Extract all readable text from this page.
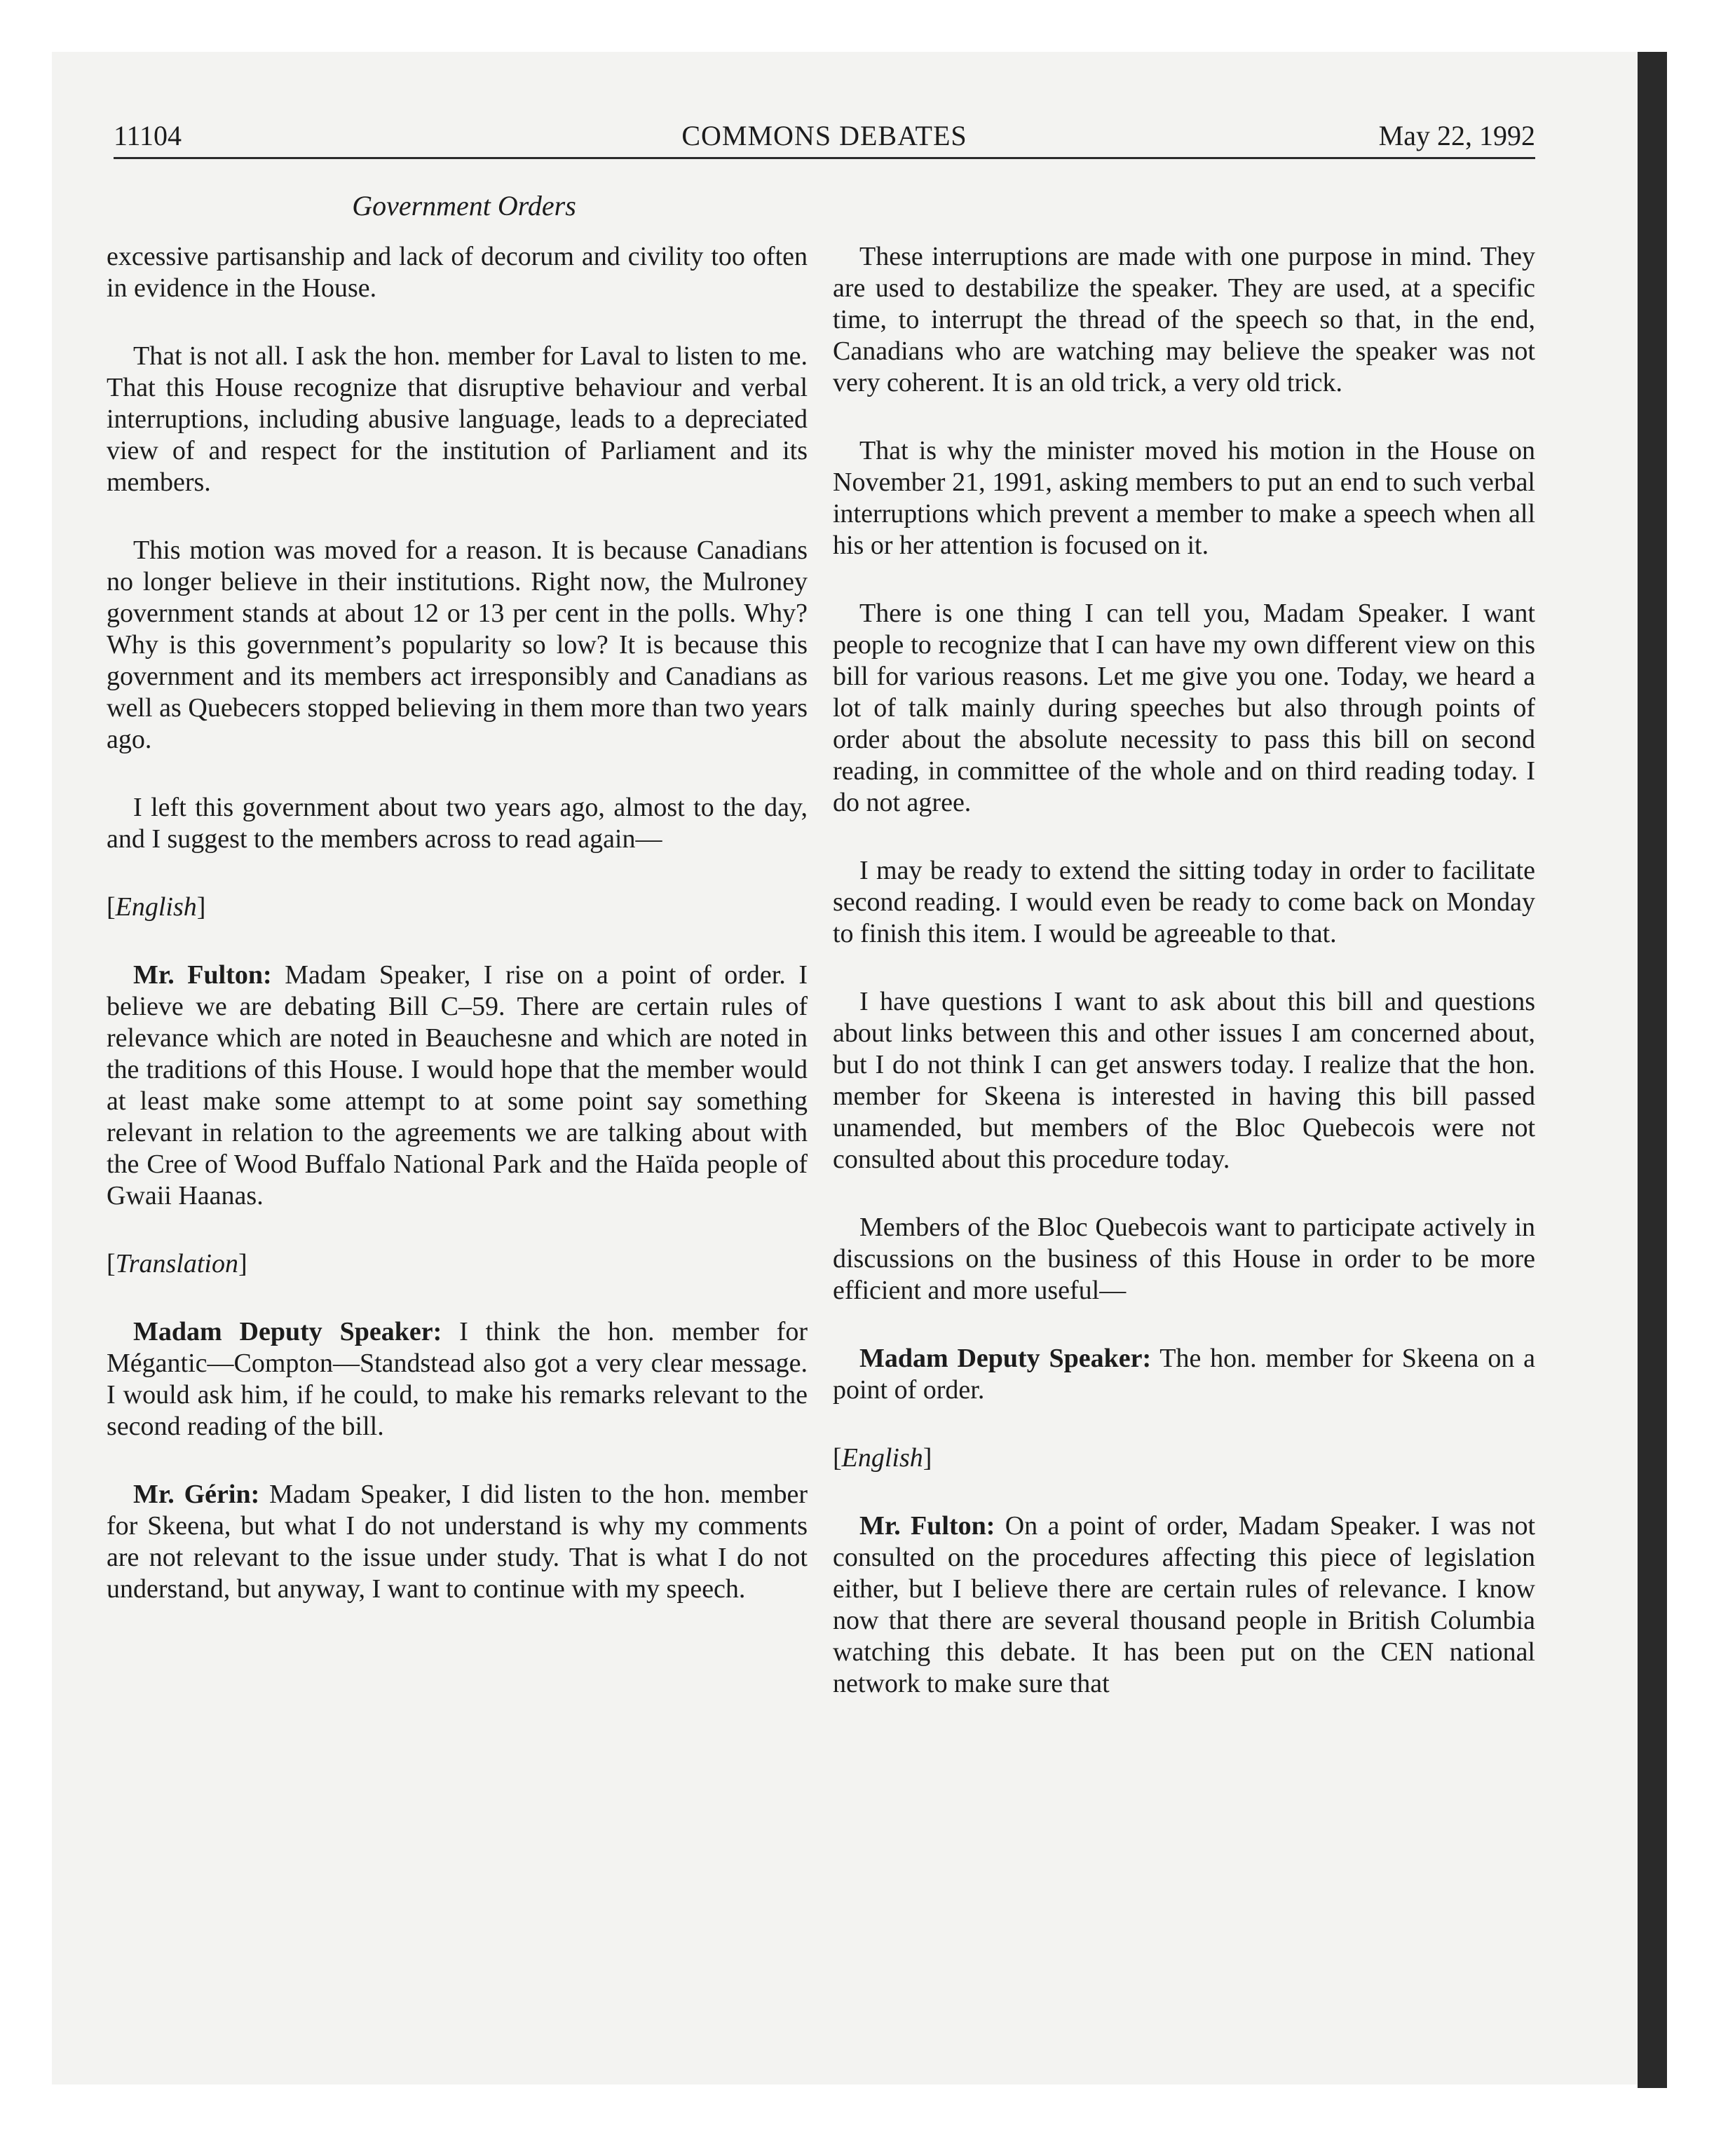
11104	COMMONS DEBATES	May 22, 1992
Government Orders

excessive partisanship and lack of decorum and civility too often in evidence in the House.

That is not all. I ask the hon. member for Laval to listen to me. That this House recognize that disruptive behaviour and verbal interruptions, including abusive language, leads to a depreciated view of and respect for the institution of Parliament and its members.

This motion was moved for a reason. It is because Canadians no longer believe in their institutions. Right now, the Mulroney government stands at about 12 or 13 per cent in the polls. Why? Why is this government’s popularity so low? It is because this government and its members act irresponsibly and Canadians as well as Quebecers stopped believing in them more than two years ago.

I left this government about two years ago, almost to the day, and I suggest to the members across to read again—

[English]

Mr. Fulton: Madam Speaker, I rise on a point of order. I believe we are debating Bill C–59. There are certain rules of relevance which are noted in Beauchesne and which are noted in the traditions of this House. I would hope that the member would at least make some attempt to at some point say something relevant in relation to the agreements we are talking about with the Cree of Wood Buffalo National Park and the Haïda people of Gwaii Haanas.

[Translation]

Madam Deputy Speaker: I think the hon. member for Mégantic—Compton—Standstead also got a very clear message. I would ask him, if he could, to make his remarks relevant to the second reading of the bill.

Mr. Gérin: Madam Speaker, I did listen to the hon. member for Skeena, but what I do not understand is why my comments are not relevant to the issue under study. That is what I do not understand, but anyway, I want to continue with my speech.

These interruptions are made with one purpose in mind. They are used to destabilize the speaker. They are used, at a specific time, to interrupt the thread of the speech so that, in the end, Canadians who are watching may believe the speaker was not very coherent. It is an old trick, a very old trick.

That is why the minister moved his motion in the House on November 21, 1991, asking members to put an end to such verbal interruptions which prevent a member to make a speech when all his or her attention is focused on it.

There is one thing I can tell you, Madam Speaker. I want people to recognize that I can have my own different view on this bill for various reasons. Let me give you one. Today, we heard a lot of talk mainly during speeches but also through points of order about the absolute necessity to pass this bill on second reading, in committee of the whole and on third reading today. I do not agree.

I may be ready to extend the sitting today in order to facilitate second reading. I would even be ready to come back on Monday to finish this item. I would be agreeable to that.

I have questions I want to ask about this bill and questions about links between this and other issues I am concerned about, but I do not think I can get answers today. I realize that the hon. member for Skeena is interested in having this bill passed unamended, but members of the Bloc Quebecois were not consulted about this procedure today.

Members of the Bloc Quebecois want to participate actively in discussions on the business of this House in order to be more efficient and more useful—

Madam Deputy Speaker: The hon. member for Skeena on a point of order.

[English]

Mr. Fulton: On a point of order, Madam Speaker. I was not consulted on the procedures affecting this piece of legislation either, but I believe there are certain rules of relevance. I know now that there are several thousand people in British Columbia watching this debate. It has been put on the CEN national network to make sure that
